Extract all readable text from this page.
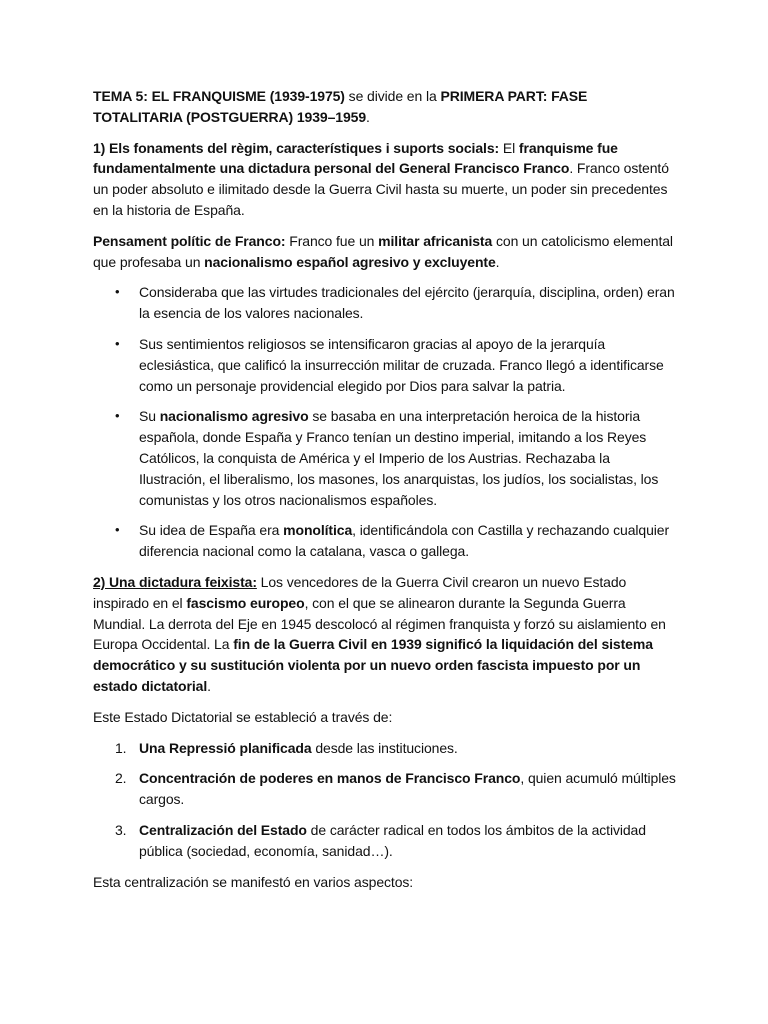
TEMA 5: EL FRANQUISME (1939-1975) se divide en la PRIMERA PART: FASE TOTALITARIA (POSTGUERRA) 1939–1959.

1) Els fonaments del règim, característiques i suports socials: El franquisme fue fundamentalmente una dictadura personal del General Francisco Franco. Franco ostentó un poder absoluto e ilimitado desde la Guerra Civil hasta su muerte, un poder sin precedentes en la historia de España.

Pensament polític de Franco: Franco fue un militar africanista con un catolicismo elemental que profesaba un nacionalismo español agresivo y excluyente.

• Consideraba que las virtudes tradicionales del ejército (jerarquía, disciplina, orden) eran la esencia de los valores nacionales.
• Sus sentimientos religiosos se intensificaron gracias al apoyo de la jerarquía eclesiástica, que calificó la insurrección militar de cruzada. Franco llegó a identificarse como un personaje providencial elegido por Dios para salvar la patria.
• Su nacionalismo agresivo se basaba en una interpretación heroica de la historia española, donde España y Franco tenían un destino imperial, imitando a los Reyes Católicos, la conquista de América y el Imperio de los Austrias. Rechazaba la Ilustración, el liberalismo, los masones, los anarquistas, los judíos, los socialistas, los comunistas y los otros nacionalismos españoles.
• Su idea de España era monolítica, identificándola con Castilla y rechazando cualquier diferencia nacional como la catalana, vasca o gallega.

2) Una dictadura feixista: Los vencedores de la Guerra Civil crearon un nuevo Estado inspirado en el fascismo europeo, con el que se alinearon durante la Segunda Guerra Mundial. La derrota del Eje en 1945 descolocó al régimen franquista y forzó su aislamiento en Europa Occidental. La fin de la Guerra Civil en 1939 significó la liquidación del sistema democrático y su sustitución violenta por un nuevo orden fascista impuesto por un estado dictatorial.

Este Estado Dictatorial se estableció a través de:

1. Una Repressió planificada desde las instituciones.
2. Concentración de poderes en manos de Francisco Franco, quien acumuló múltiples cargos.
3. Centralización del Estado de carácter radical en todos los ámbitos de la actividad pública (sociedad, economía, sanidad…).

Esta centralización se manifestó en varios aspectos:
